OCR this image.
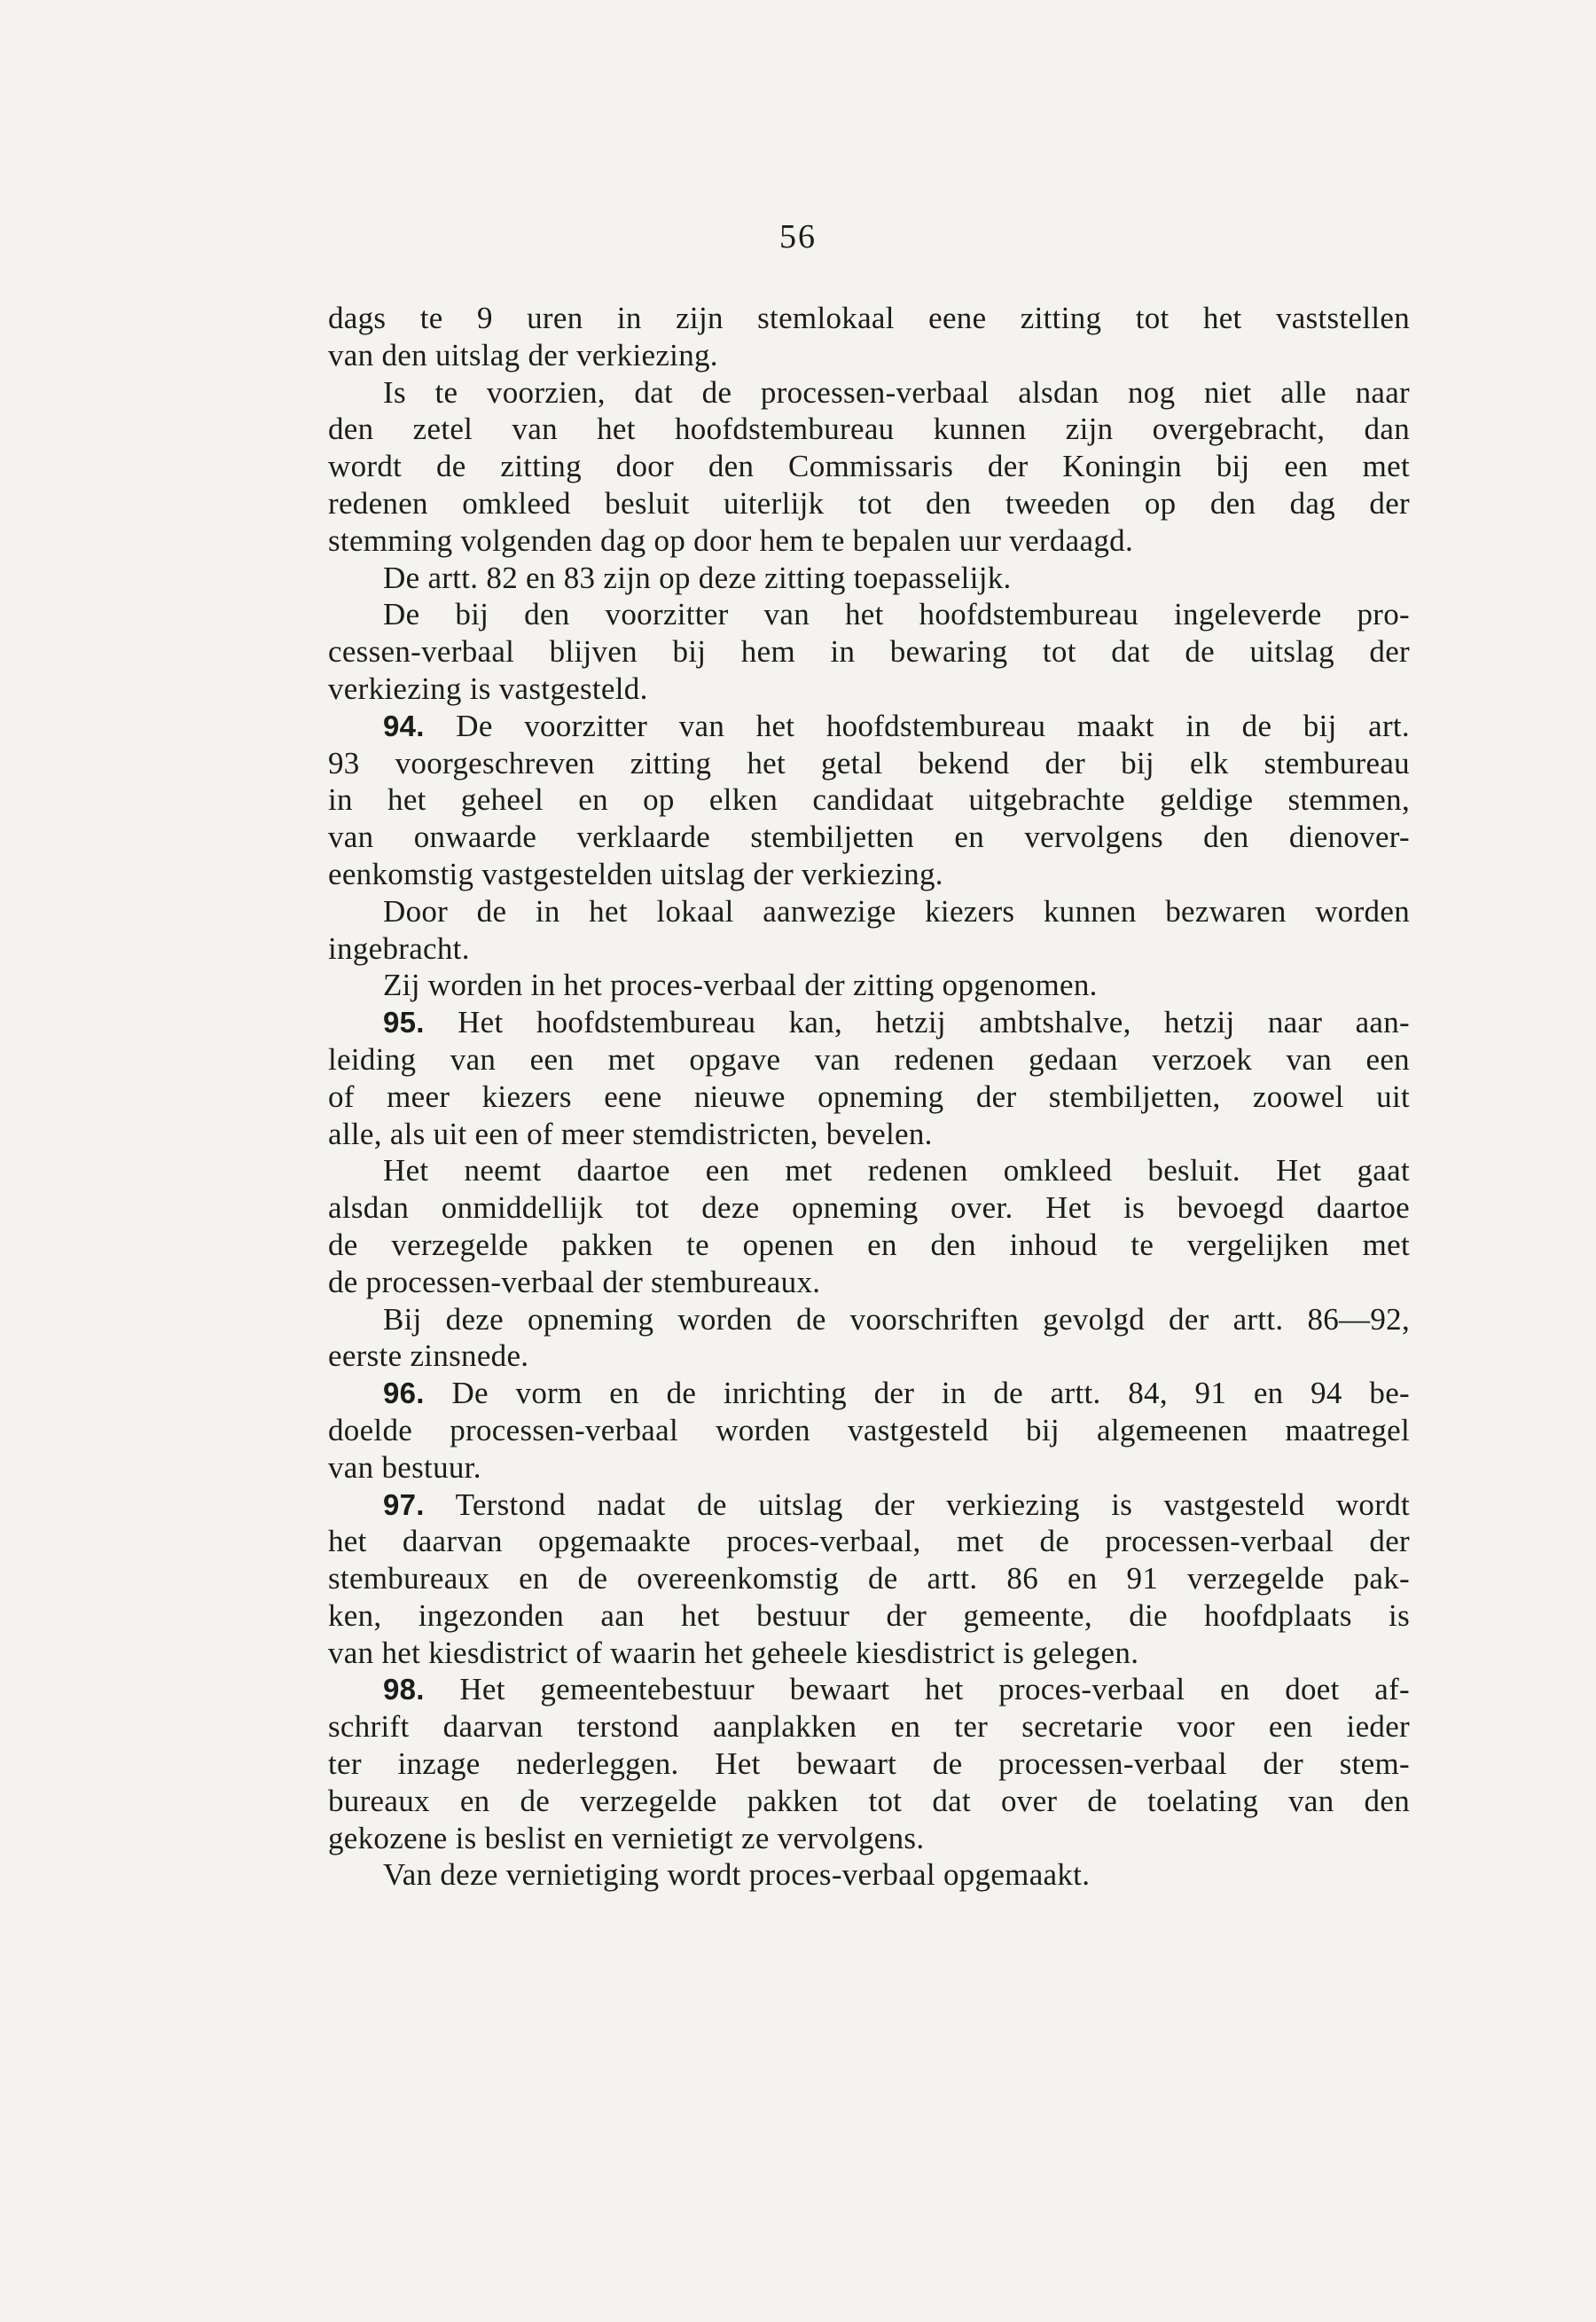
56
dags te 9 uren in zijn stemlokaal eene zitting tot het vaststellen
van den uitslag der verkiezing.
Is te voorzien, dat de processen-verbaal alsdan nog niet alle naar
den zetel van het hoofdstembureau kunnen zijn overgebracht, dan
wordt de zitting door den Commissaris der Koningin bij een met
redenen omkleed besluit uiterlijk tot den tweeden op den dag der
stemming volgenden dag op door hem te bepalen uur verdaagd.
De artt. 82 en 83 zijn op deze zitting toepasselijk.
De bij den voorzitter van het hoofdstembureau ingeleverde pro-
cessen-verbaal blijven bij hem in bewaring tot dat de uitslag der
verkiezing is vastgesteld.
94. De voorzitter van het hoofdstembureau maakt in de bij art.
93 voorgeschreven zitting het getal bekend der bij elk stembureau
in het geheel en op elken candidaat uitgebrachte geldige stemmen,
van onwaarde verklaarde stembiljetten en vervolgens den dienover-
eenkomstig vastgestelden uitslag der verkiezing.
Door de in het lokaal aanwezige kiezers kunnen bezwaren worden
ingebracht.
Zij worden in het proces-verbaal der zitting opgenomen.
95. Het hoofdstembureau kan, hetzij ambtshalve, hetzij naar aan-
leiding van een met opgave van redenen gedaan verzoek van een
of meer kiezers eene nieuwe opneming der stembiljetten, zoowel uit
alle, als uit een of meer stemdistricten, bevelen.
Het neemt daartoe een met redenen omkleed besluit. Het gaat
alsdan onmiddellijk tot deze opneming over. Het is bevoegd daartoe
de verzegelde pakken te openen en den inhoud te vergelijken met
de processen-verbaal der stembureaux.
Bij deze opneming worden de voorschriften gevolgd der artt. 86—92,
eerste zinsnede.
96. De vorm en de inrichting der in de artt. 84, 91 en 94 be-
doelde processen-verbaal worden vastgesteld bij algemeenen maatregel
van bestuur.
97. Terstond nadat de uitslag der verkiezing is vastgesteld wordt
het daarvan opgemaakte proces-verbaal, met de processen-verbaal der
stembureaux en de overeenkomstig de artt. 86 en 91 verzegelde pak-
ken, ingezonden aan het bestuur der gemeente, die hoofdplaats is
van het kiesdistrict of waarin het geheele kiesdistrict is gelegen.
98. Het gemeentebestuur bewaart het proces-verbaal en doet af-
schrift daarvan terstond aanplakken en ter secretarie voor een ieder
ter inzage nederleggen. Het bewaart de processen-verbaal der stem-
bureaux en de verzegelde pakken tot dat over de toelating van den
gekozene is beslist en vernietigt ze vervolgens.
Van deze vernietiging wordt proces-verbaal opgemaakt.
